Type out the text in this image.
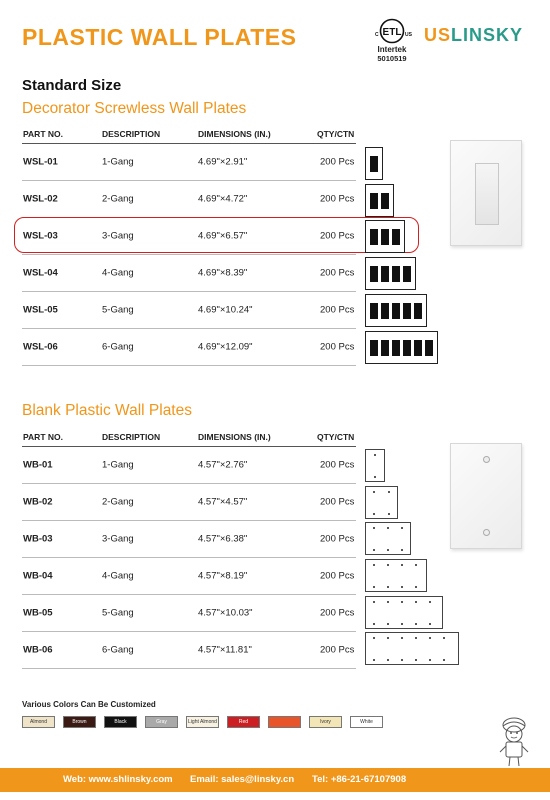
PLASTIC WALL PLATES	ETL
C	US
Intertek
5010519
USLINSKY
Standard Size
Decorator Screwless Wall Plates
PART NO.	DESCRIPTION	DIMENSIONS (IN.)	QTY/CTN
WSL-01	1-Gang	4.69"×2.91"	200 Pcs
WSL-02	2-Gang	4.69"×4.72"	200 Pcs
WSL-03	3-Gang	4.69"×6.57"	200 Pcs
WSL-04	4-Gang	4.69"×8.39"	200 Pcs
WSL-05	5-Gang	4.69"×10.24"	200 Pcs
WSL-06	6-Gang	4.69"×12.09"	200 Pcs
Blank Plastic Wall Plates
PART NO.	DESCRIPTION	DIMENSIONS (IN.)	QTY/CTN
WB-01	1-Gang	4.57"×2.76"	200 Pcs
WB-02	2-Gang	4.57"×4.57"	200 Pcs
WB-03	3-Gang	4.57"×6.38"	200 Pcs
WB-04	4-Gang	4.57"×8.19"	200 Pcs
WB-05	5-Gang	4.57"×10.03"	200 Pcs
WB-06	6-Gang	4.57"×11.81"	200 Pcs
Various Colors Can Be Customized
Almond	Brown	Black	Gray	Light Almond	Red	Ivory	White
Web: www.shlinsky.com Email: sales@linsky.cn Tel: +86-21-67107908
